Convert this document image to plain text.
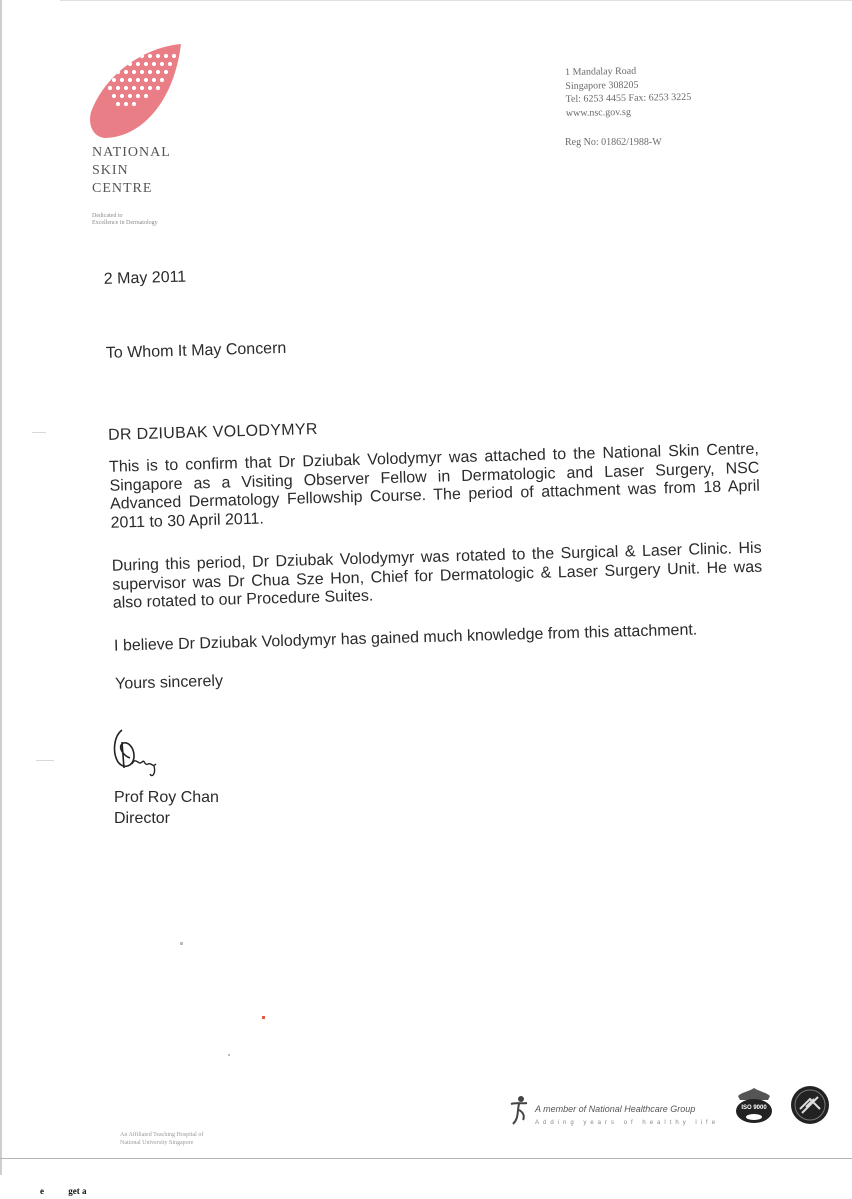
NATIONAL
SKIN
CENTRE
Dedicated to
Excellence in Dermatology
1 Mandalay Road
Singapore 308205
Tel: 6253 4455 Fax: 6253 3225
www.nsc.gov.sg
Reg No: 01862/1988-W
2 May 2011
To Whom It May Concern
DR DZIUBAK VOLODYMYR
This is to confirm that Dr Dziubak Volodymyr was attached to the National Skin Centre, Singapore as a Visiting Observer Fellow in Dermatologic and Laser Surgery, NSC Advanced Dermatology Fellowship Course. The period of attachment was from 18 April 2011 to 30 April 2011.
During this period, Dr Dziubak Volodymyr was rotated to the Surgical & Laser Clinic. His supervisor was Dr Chua Sze Hon, Chief for Dermatologic & Laser Surgery Unit. He was also rotated to our Procedure Suites.
I believe Dr Dziubak Volodymyr has gained much knowledge from this attachment.
Yours sincerely
Prof Roy Chan
Director
An Affiliated Teaching Hospital of
National University Singapore
A member of National Healthcare Group
Adding years of healthy life
ISO 9000
e	get a
